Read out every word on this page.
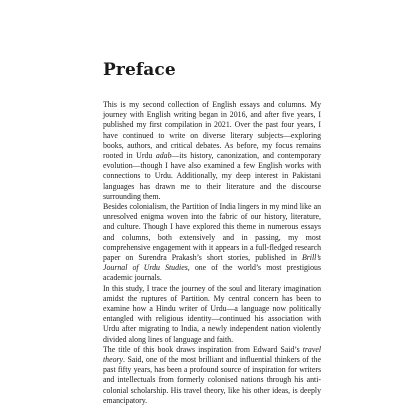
Preface

This is my second collection of English essays and columns. My journey with English writing began in 2016, and after five years, I published my first compilation in 2021. Over the past four years, I have continued to write on diverse literary subjects—exploring books, authors, and critical debates. As before, my focus remains rooted in Urdu adab—its history, canonization, and contemporary evolution—though I have also examined a few English works with connections to Urdu. Additionally, my deep interest in Pakistani languages has drawn me to their literature and the discourse surrounding them.

Besides colonialism, the Partition of India lingers in my mind like an unresolved enigma woven into the fabric of our history, literature, and culture. Though I have explored this theme in numerous essays and columns, both extensively and in passing, my most comprehensive engagement with it appears in a full-fledged research paper on Surendra Prakash’s short stories, published in Brill’s Journal of Urdu Studies, one of the world’s most prestigious academic journals.

In this study, I trace the journey of the soul and literary imagination amidst the ruptures of Partition. My central concern has been to examine how a Hindu writer of Urdu—a language now politically entangled with religious identity—continued his association with Urdu after migrating to India, a newly independent nation violently divided along lines of language and faith.

The title of this book draws inspiration from Edward Said’s travel theory. Said, one of the most brilliant and influential thinkers of the past fifty years, has been a profound source of inspiration for writers and intellectuals from formerly colonised nations through his anti-colonial scholarship. His travel theory, like his other ideas, is deeply emancipatory.
